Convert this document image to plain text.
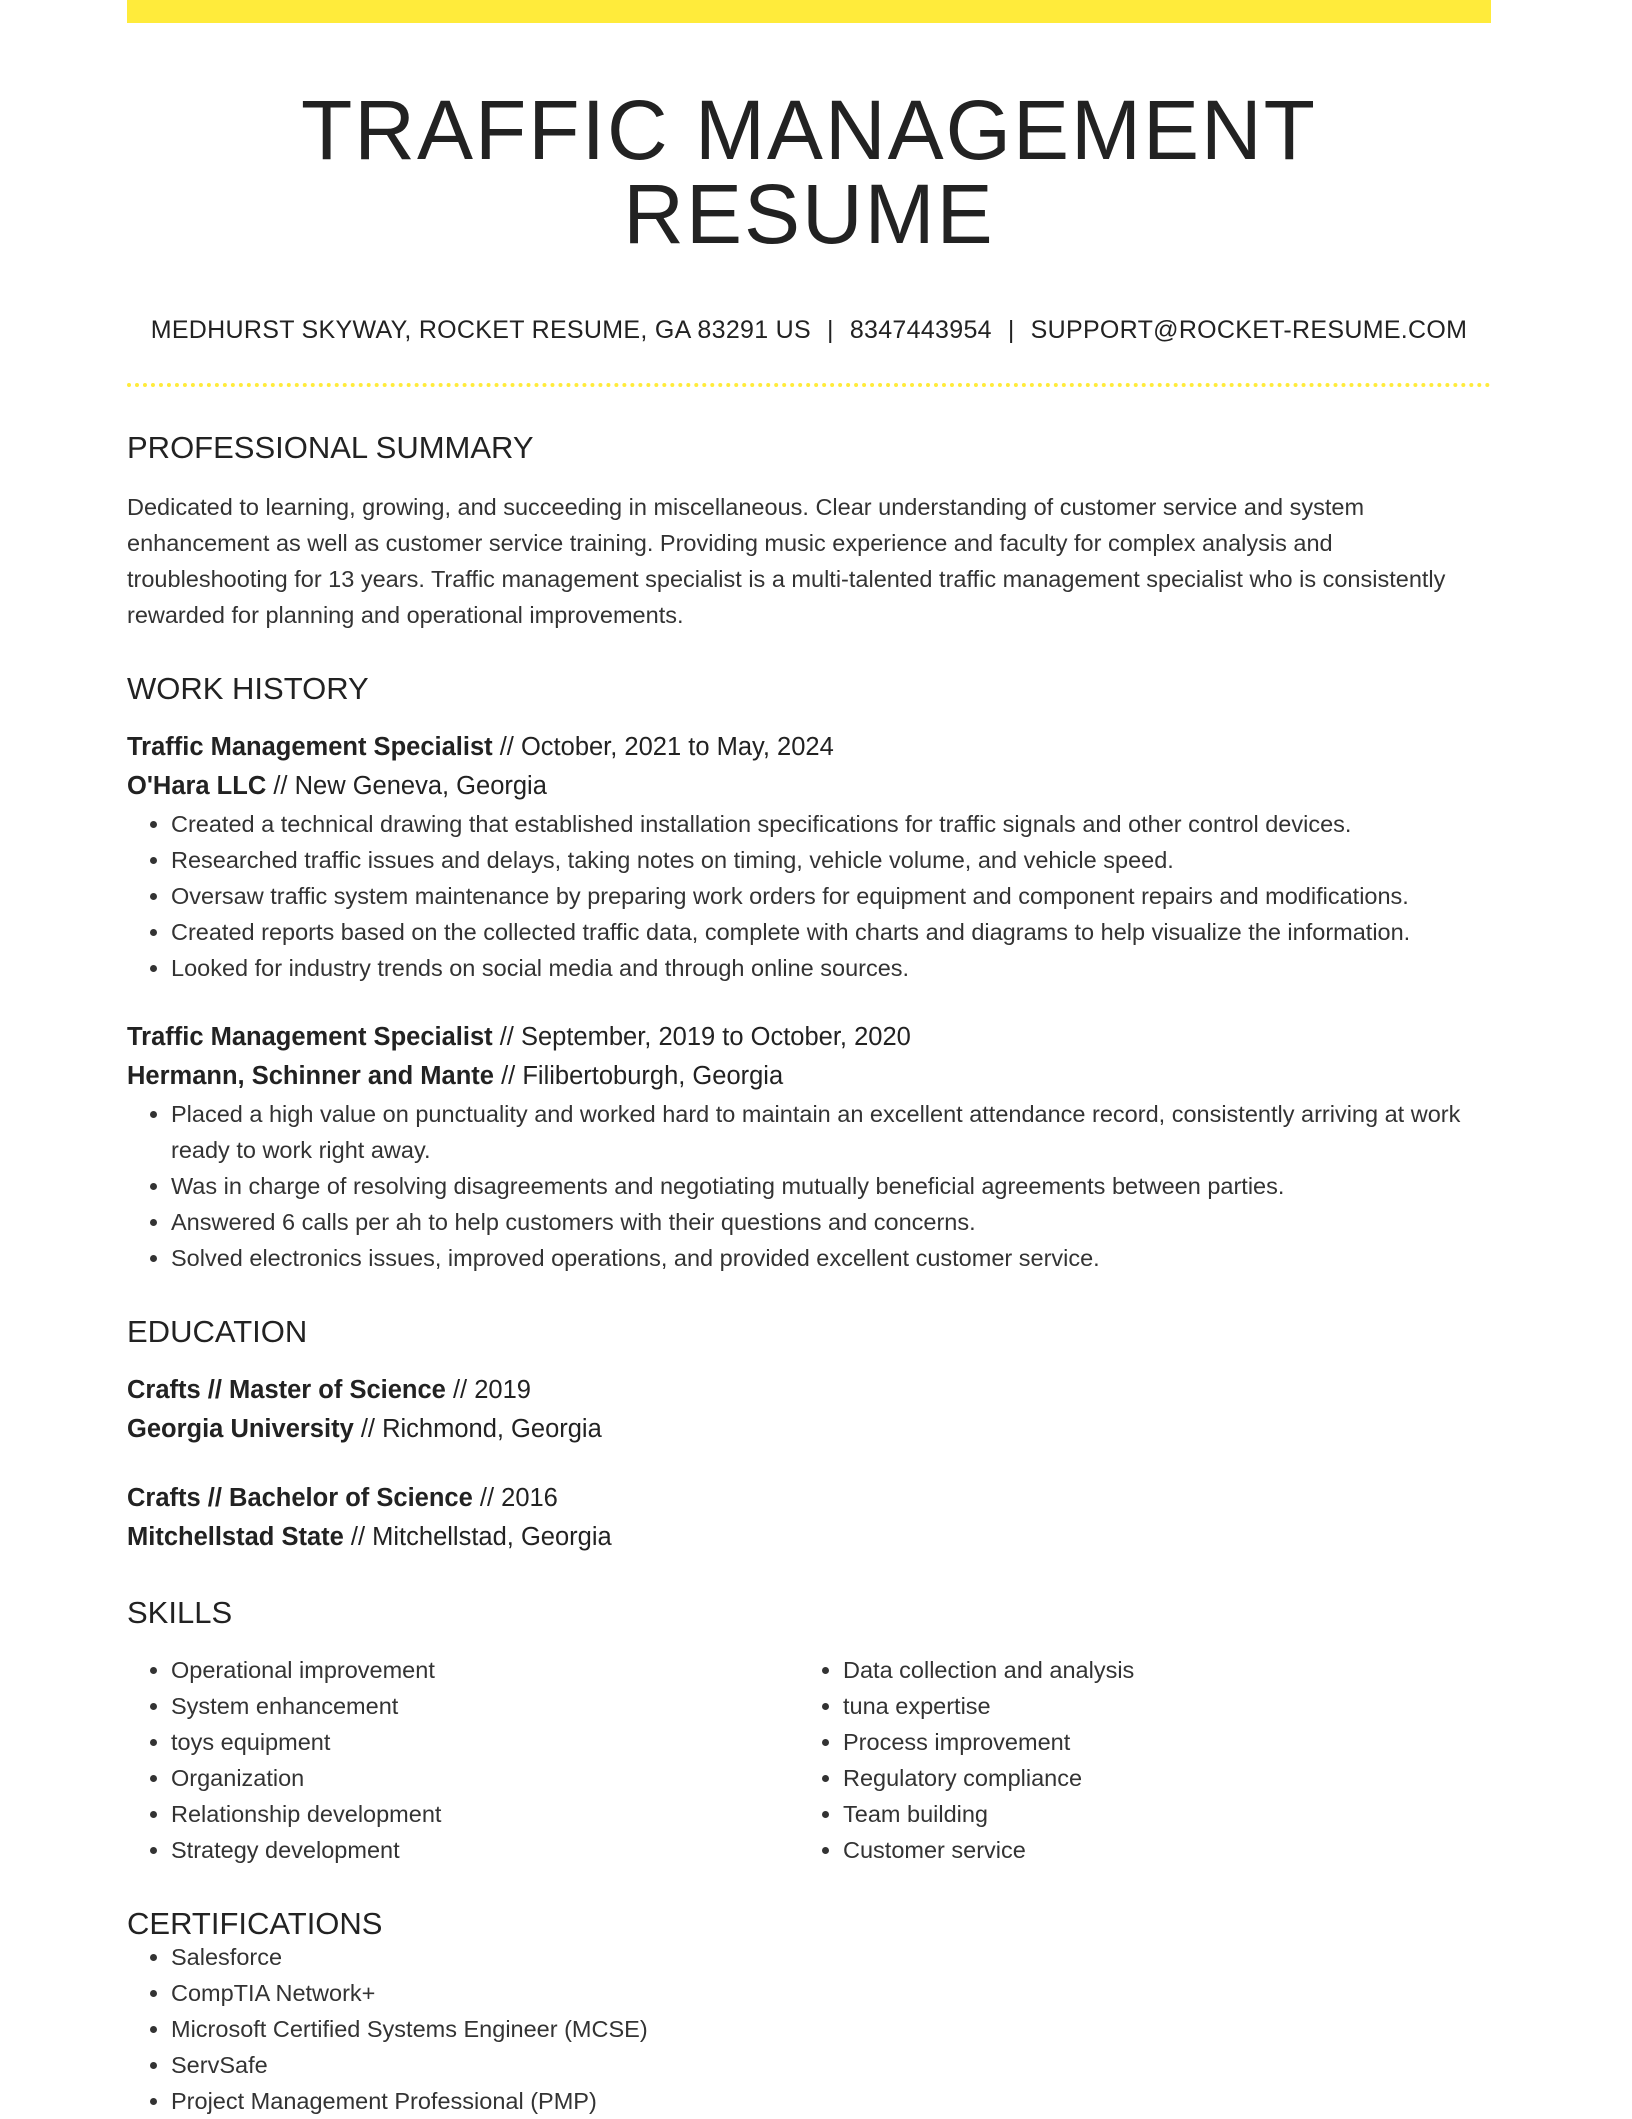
TRAFFIC MANAGEMENT RESUME
MEDHURST SKYWAY, ROCKET RESUME, GA 83291 US | 8347443954 | SUPPORT@ROCKET-RESUME.COM
PROFESSIONAL SUMMARY

Dedicated to learning, growing, and succeeding in miscellaneous. Clear understanding of customer service and system enhancement as well as customer service training. Providing music experience and faculty for complex analysis and troubleshooting for 13 years. Traffic management specialist is a multi-talented traffic management specialist who is consistently rewarded for planning and operational improvements.

WORK HISTORY
Traffic Management Specialist // October, 2021 to May, 2024
O'Hara LLC // New Geneva, Georgia
• Created a technical drawing that established installation specifications for traffic signals and other control devices.
• Researched traffic issues and delays, taking notes on timing, vehicle volume, and vehicle speed.
• Oversaw traffic system maintenance by preparing work orders for equipment and component repairs and modifications.
• Created reports based on the collected traffic data, complete with charts and diagrams to help visualize the information.
• Looked for industry trends on social media and through online sources.
Traffic Management Specialist // September, 2019 to October, 2020
Hermann, Schinner and Mante // Filibertoburgh, Georgia
• Placed a high value on punctuality and worked hard to maintain an excellent attendance record, consistently arriving at work ready to work right away.
• Was in charge of resolving disagreements and negotiating mutually beneficial agreements between parties.
• Answered 6 calls per ah to help customers with their questions and concerns.
• Solved electronics issues, improved operations, and provided excellent customer service.
EDUCATION
Crafts // Master of Science // 2019
Georgia University // Richmond, Georgia
Crafts // Bachelor of Science // 2016
Mitchellstad State // Mitchellstad, Georgia
SKILLS
• Operational improvement
• System enhancement
• toys equipment
• Organization
• Relationship development
• Strategy development
• Data collection and analysis
• tuna expertise
• Process improvement
• Regulatory compliance
• Team building
• Customer service
CERTIFICATIONS
• Salesforce
• CompTIA Network+
• Microsoft Certified Systems Engineer (MCSE)
• ServSafe
• Project Management Professional (PMP)
